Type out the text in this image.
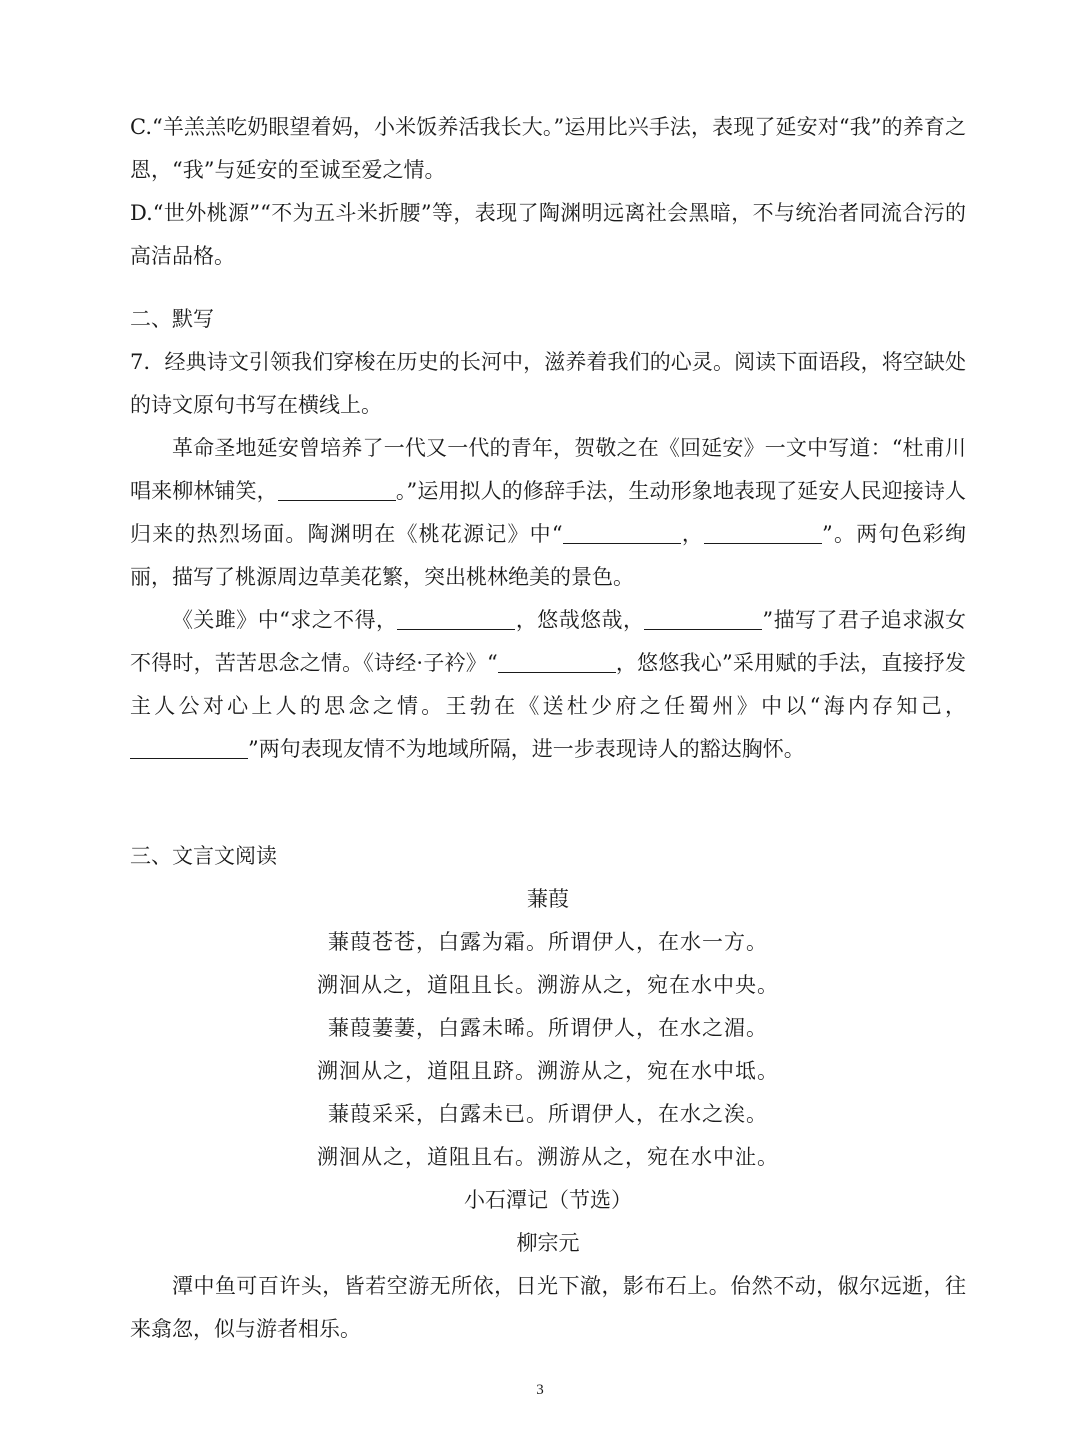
C.“羊羔羔吃奶眼望着妈，小米饭养活我长大。”运用比兴手法，表现了延安对“我”的养育之恩，“我”与延安的至诚至爱之情。

D.“世外桃源”“不为五斗米折腰”等，表现了陶渊明远离社会黑暗，不与统治者同流合污的高洁品格。

二、默写

7．经典诗文引领我们穿梭在历史的长河中，滋养着我们的心灵。阅读下面语段，将空缺处的诗文原句书写在横线上。

革命圣地延安曾培养了一代又一代的青年，贺敬之在《回延安》一文中写道：“杜甫川唱来柳林铺笑，	。”运用拟人的修辞手法，生动形象地表现了延安人民迎接诗人归来的热烈场面。陶渊明在《桃花源记》中“	，	”。两句色彩绚丽，描写了桃源周边草美花繁，突出桃林绝美的景色。

《关雎》中“求之不得，	，悠哉悠哉，	”描写了君子追求淑女不得时，苦苦思念之情。《诗经·子衿》“	，悠悠我心”采用赋的手法，直接抒发主人公对心上人的思念之情。王勃在《送杜少府之任蜀州》中以“海内存知己，”两句表现友情不为地域所隔，进一步表现诗人的豁达胸怀。

三、文言文阅读

蒹葭

蒹葭苍苍，白露为霜。所谓伊人，在水一方。

溯洄从之，道阻且长。溯游从之，宛在水中央。

蒹葭萋萋，白露未晞。所谓伊人，在水之湄。

溯洄从之，道阻且跻。溯游从之，宛在水中坻。

蒹葭采采，白露未已。所谓伊人，在水之涘。

溯洄从之，道阻且右。溯游从之，宛在水中沚。

小石潭记（节选）

柳宗元

潭中鱼可百许头，皆若空游无所依，日光下澈，影布石上。佁然不动，俶尔远逝，往来翕忽，似与游者相乐。

3
